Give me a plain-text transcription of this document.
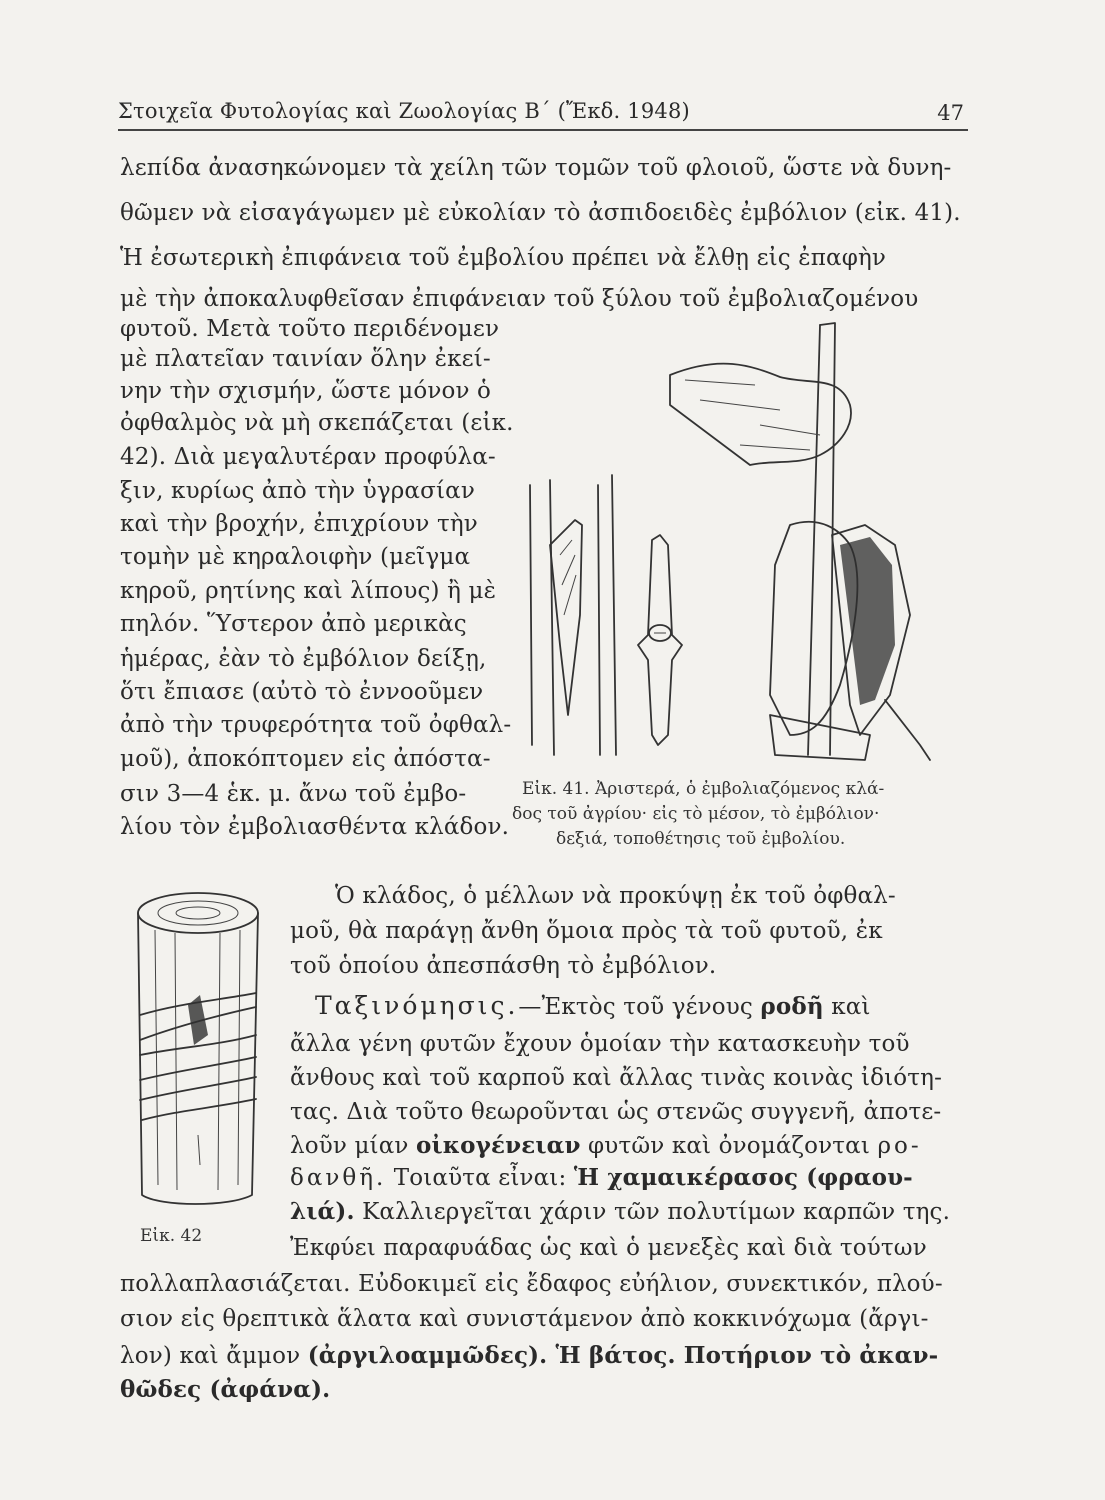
Στοιχεῖα Φυτολογίας καὶ Ζωολογίας Β΄ (Ἔκδ. 1948)	47
λεπίδα ἀνασηκώνομεν τὰ χείλη τῶν τομῶν τοῦ φλοιοῦ, ὥστε νὰ δυνη-
θῶμεν νὰ εἰσαγάγωμεν μὲ εὐκολίαν τὸ ἀσπιδοειδὲς ἐμβόλιον (εἰκ. 41).
Ἡ ἐσωτερικὴ ἐπιφάνεια τοῦ ἐμβολίου πρέπει νὰ ἔλθῃ εἰς ἐπαφὴν
μὲ τὴν ἀποκαλυφθεῖσαν ἐπιφάνειαν τοῦ ξύλου τοῦ ἐμβολιαζομένου
φυτοῦ. Μετὰ τοῦτο περιδένομεν
μὲ πλατεῖαν ταινίαν ὅλην ἐκεί-
νην τὴν σχισμήν, ὥστε μόνον ὁ
ὀφθαλμὸς νὰ μὴ σκεπάζεται (εἰκ.
42). Διὰ μεγαλυτέραν προφύλα-
ξιν, κυρίως ἀπὸ τὴν ὑγρασίαν
καὶ τὴν βροχήν, ἐπιχρίουν τὴν
τομὴν μὲ κηραλοιφὴν (μεῖγμα
κηροῦ, ρητίνης καὶ λίπους) ἢ μὲ
πηλόν. Ὕστερον ἀπὸ μερικὰς
ἡμέρας, ἐὰν τὸ ἐμβόλιον δείξῃ,
ὅτι ἔπιασε (αὐτὸ τὸ ἐννοοῦμεν
ἀπὸ τὴν τρυφερότητα τοῦ ὀφθαλ-
μοῦ), ἀποκόπτομεν εἰς ἀπόστα-
σιν 3—4 ἑκ. μ. ἄνω τοῦ ἐμβο-
λίου τὸν ἐμβολιασθέντα κλάδον.
Εἰκ. 41. Ἀριστερά, ὁ ἐμβολιαζόμενος κλά-
δος τοῦ ἀγρίου· εἰς τὸ μέσον, τὸ ἐμβόλιον·
δεξιά, τοποθέτησις τοῦ ἐμβολίου.
Ὁ κλάδος, ὁ μέλλων νὰ προκύψῃ ἐκ τοῦ ὀφθαλ-
μοῦ, θὰ παράγῃ ἄνθη ὅμοια πρὸς τὰ τοῦ φυτοῦ, ἐκ
τοῦ ὁποίου ἀπεσπάσθη τὸ ἐμβόλιον.
Ταξινόμησις.—Ἐκτὸς τοῦ γένους ροδῆ καὶ
ἄλλα γένη φυτῶν ἔχουν ὁμοίαν τὴν κατασκευὴν τοῦ
ἄνθους καὶ τοῦ καρποῦ καὶ ἄλλας τινὰς κοινὰς ἰδιότη-
τας. Διὰ τοῦτο θεωροῦνται ὡς στενῶς συγγενῆ, ἀποτε-
λοῦν μίαν οἰκογένειαν φυτῶν καὶ ὀνομάζονται ρο-
δανθῆ. Τοιαῦτα εἶναι: Ἡ χαμαικέρασος (φραου-
λιά). Καλλιεργεῖται χάριν τῶν πολυτίμων καρπῶν της.
Ἐκφύει παραφυάδας ὡς καὶ ὁ μενεξὲς καὶ διὰ τούτων
Εἰκ. 42
πολλαπλασιάζεται. Εὐδοκιμεῖ εἰς ἔδαφος εὐήλιον, συνεκτικόν, πλού-
σιον εἰς θρεπτικὰ ἅλατα καὶ συνιστάμενον ἀπὸ κοκκινόχωμα (ἄργι-
λον) καὶ ἄμμον (ἀργιλοαμμῶδες). Ἡ βάτος. Ποτήριον τὸ ἀκαν-
θῶδες (ἀφάνα).
